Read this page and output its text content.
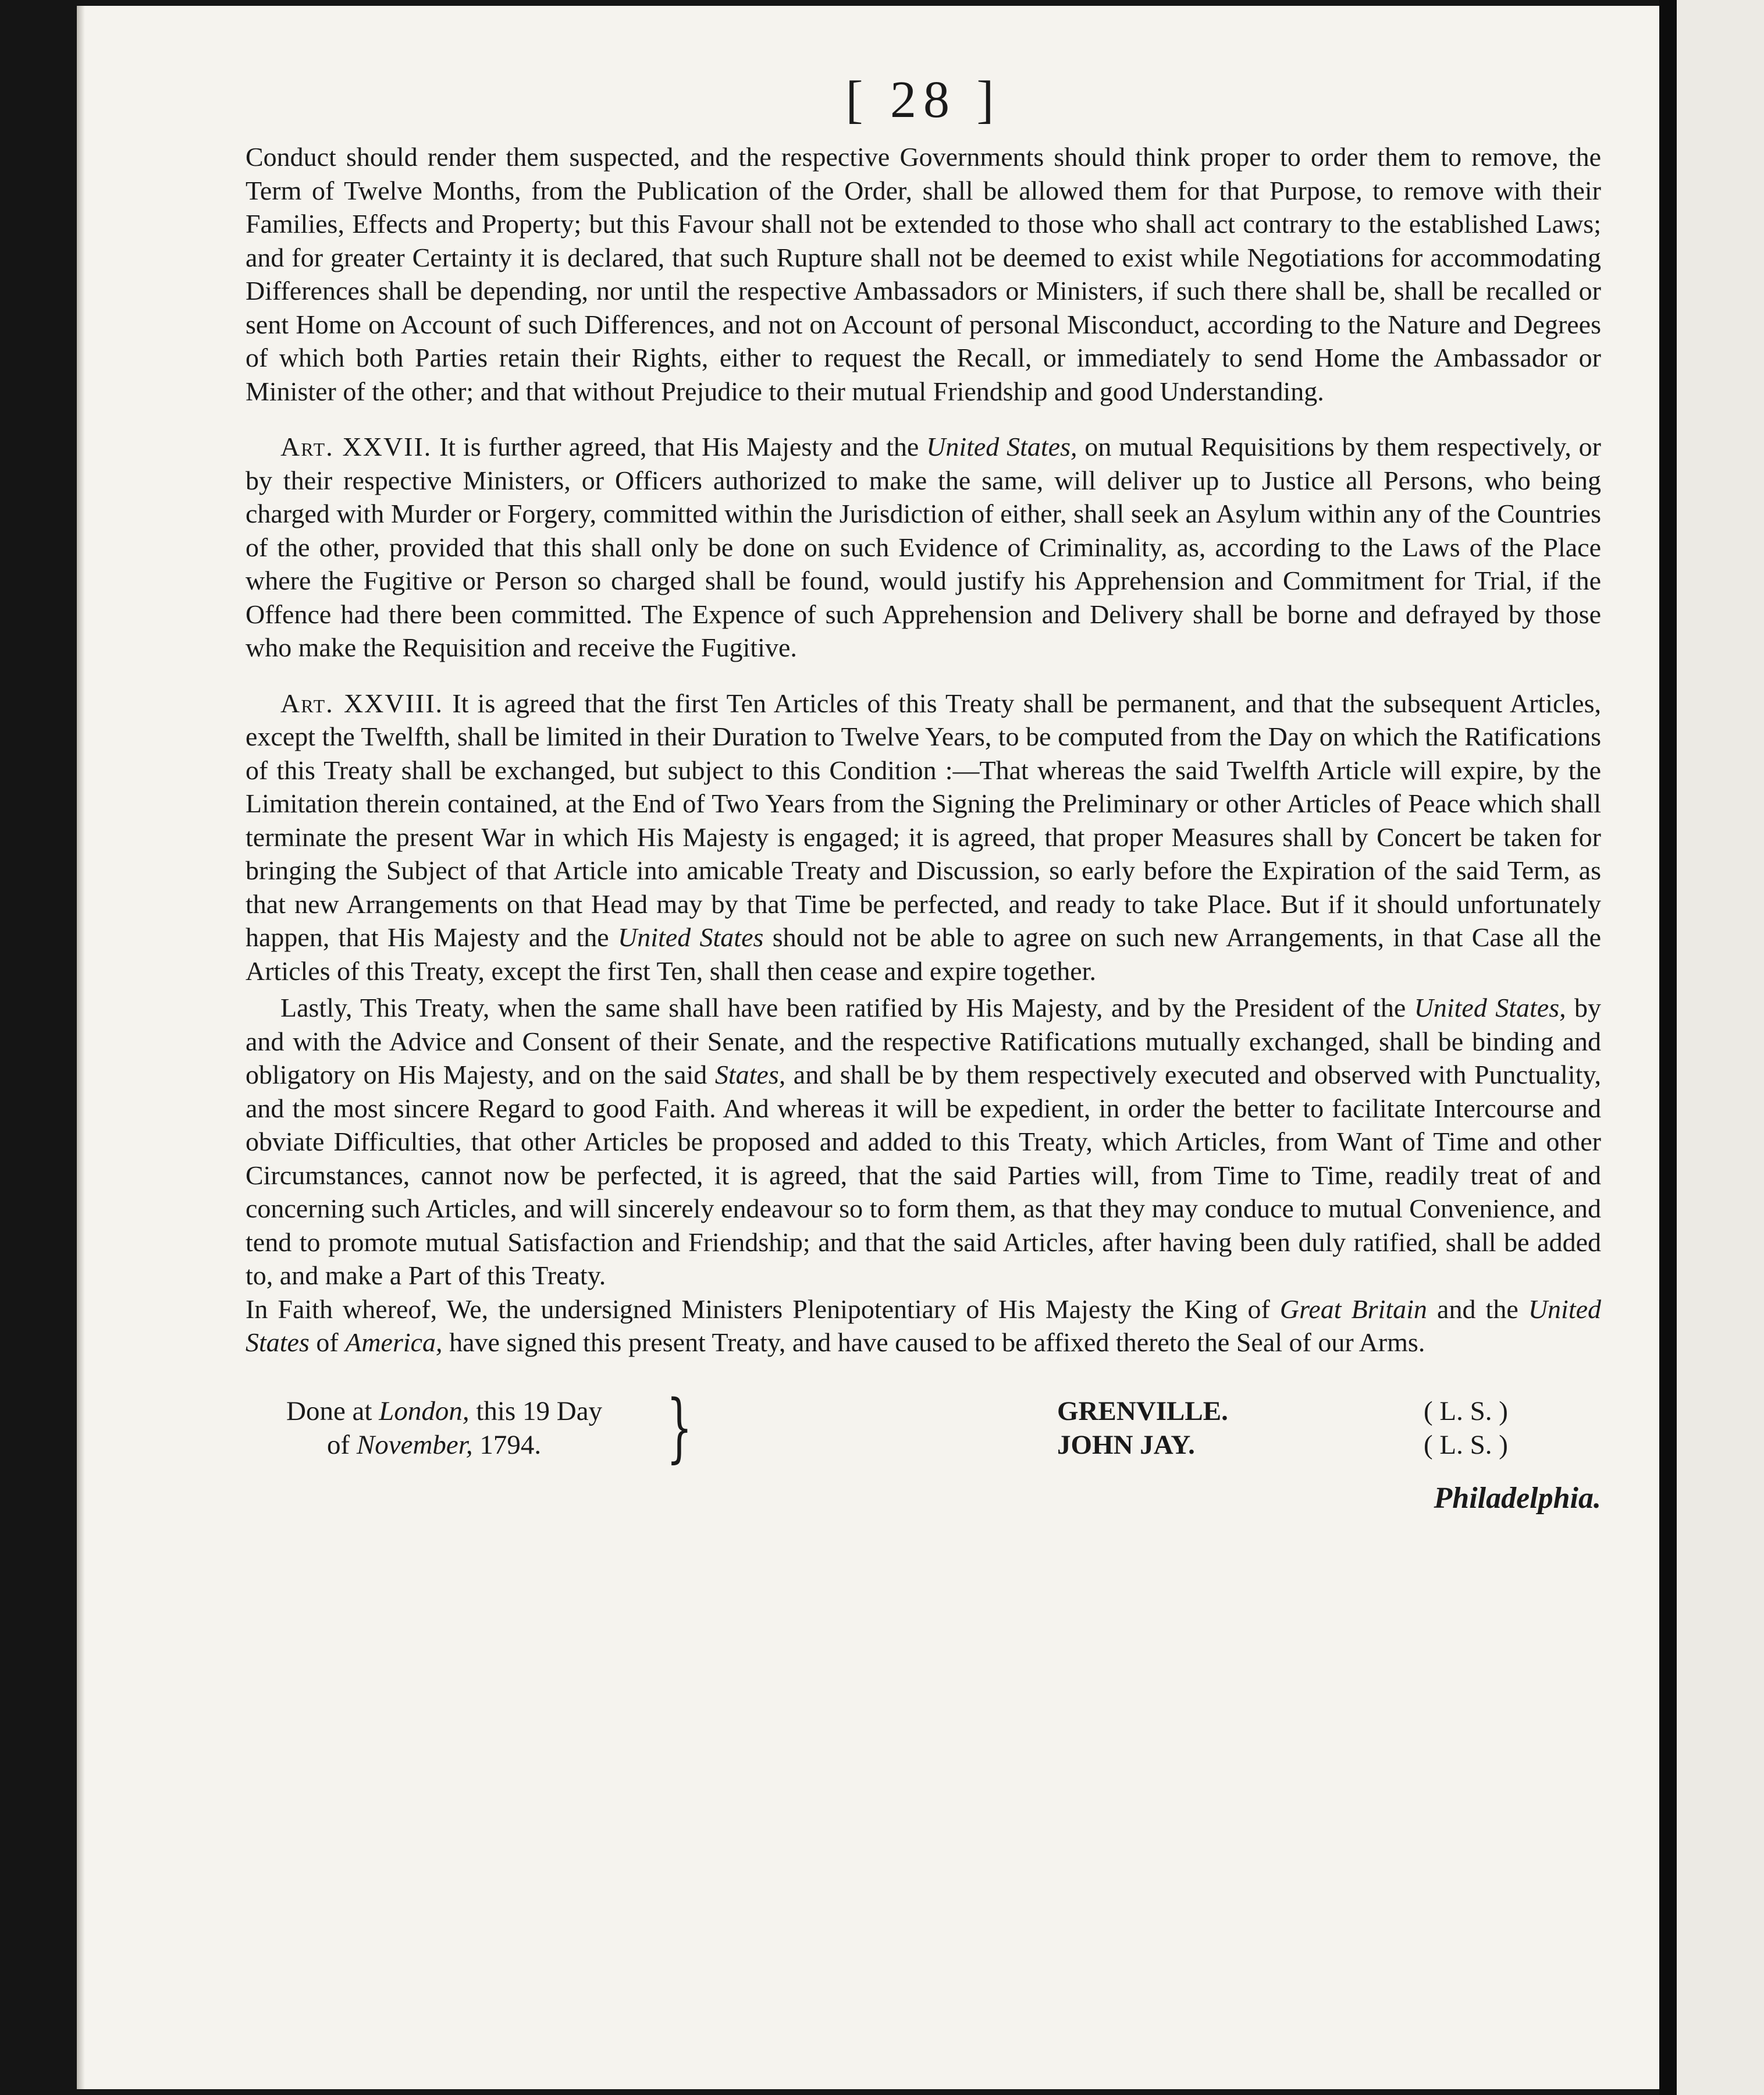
[ 28 ]

Conduct should render them suspected, and the respective Governments should think proper to order them to remove, the Term of Twelve Months, from the Publication of the Order, shall be allowed them for that Purpose, to remove with their Families, Effects and Property; but this Favour shall not be extended to those who shall act contrary to the established Laws; and for greater Certainty it is declared, that such Rupture shall not be deemed to exist while Negotiations for accommodating Differences shall be depending, nor until the respective Ambassadors or Ministers, if such there shall be, shall be recalled or sent Home on Account of such Differences, and not on Account of personal Misconduct, according to the Nature and Degrees of which both Parties retain their Rights, either to request the Recall, or immediately to send Home the Ambassador or Minister of the other; and that without Prejudice to their mutual Friendship and good Understanding.

Art. XXVII. It is further agreed, that His Majesty and the United States, on mutual Requisitions by them respectively, or by their respective Ministers, or Officers authorized to make the same, will deliver up to Justice all Persons, who being charged with Murder or Forgery, committed within the Jurisdiction of either, shall seek an Asylum within any of the Countries of the other, provided that this shall only be done on such Evidence of Criminality, as, according to the Laws of the Place where the Fugitive or Person so charged shall be found, would justify his Apprehension and Commitment for Trial, if the Offence had there been committed. The Expence of such Apprehension and Delivery shall be borne and defrayed by those who make the Requisition and receive the Fugitive.

Art. XXVIII. It is agreed that the first Ten Articles of this Treaty shall be permanent, and that the subsequent Articles, except the Twelfth, shall be limited in their Duration to Twelve Years, to be computed from the Day on which the Ratifications of this Treaty shall be exchanged, but subject to this Condition :—That whereas the said Twelfth Article will expire, by the Limitation therein contained, at the End of Two Years from the Signing the Preliminary or other Articles of Peace which shall terminate the present War in which His Majesty is engaged; it is agreed, that proper Measures shall by Concert be taken for bringing the Subject of that Article into amicable Treaty and Discussion, so early before the Expiration of the said Term, as that new Arrangements on that Head may by that Time be perfected, and ready to take Place. But if it should unfortunately happen, that His Majesty and the United States should not be able to agree on such new Arrangements, in that Case all the Articles of this Treaty, except the first Ten, shall then cease and expire together.

Lastly, This Treaty, when the same shall have been ratified by His Majesty, and by the President of the United States, by and with the Advice and Consent of their Senate, and the respective Ratifications mutually exchanged, shall be binding and obligatory on His Majesty, and on the said States, and shall be by them respectively executed and observed with Punctuality, and the most sincere Regard to good Faith. And whereas it will be expedient, in order the better to facilitate Intercourse and obviate Difficulties, that other Articles be proposed and added to this Treaty, which Articles, from Want of Time and other Circumstances, cannot now be perfected, it is agreed, that the said Parties will, from Time to Time, readily treat of and concerning such Articles, and will sincerely endeavour so to form them, as that they may conduce to mutual Convenience, and tend to promote mutual Satisfaction and Friendship; and that the said Articles, after having been duly ratified, shall be added to, and make a Part of this Treaty.
In Faith whereof, We, the undersigned Ministers Plenipotentiary of His Majesty the King of Great Britain and the United States of America, have signed this present Treaty, and have caused to be affixed thereto the Seal of our Arms.

Done at London, this 19 Day
of November, 1794.	}	GRENVILLE.
JOHN JAY.
( L. S. )
( L. S. )
Philadelphia.
